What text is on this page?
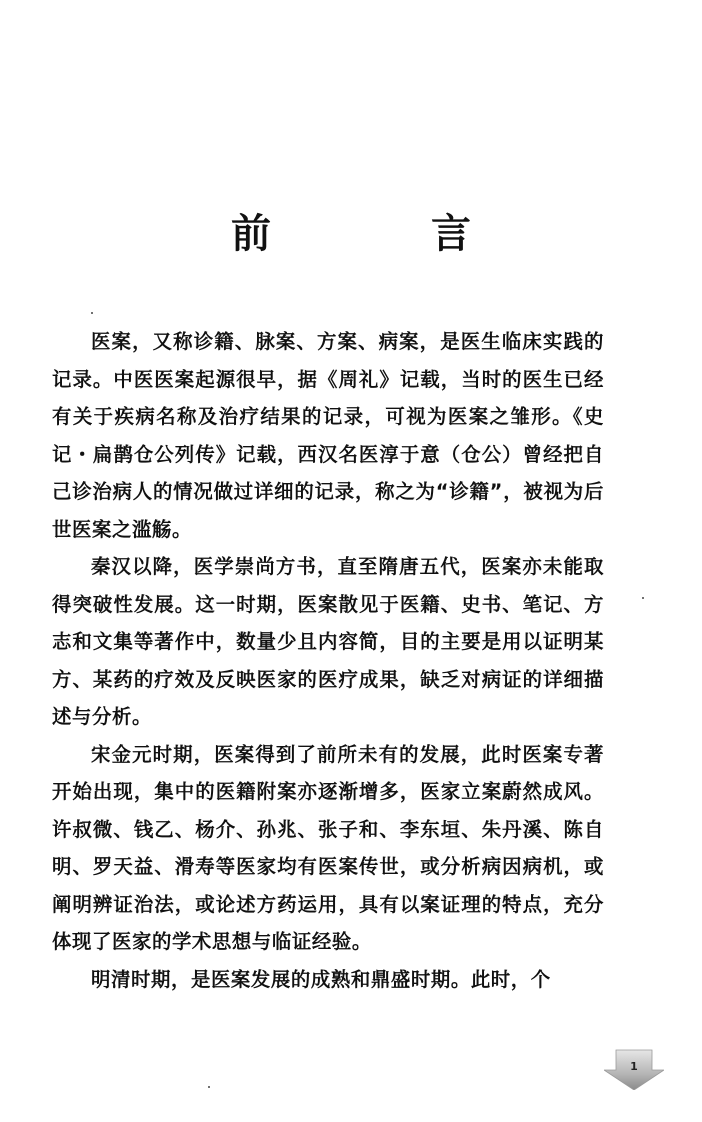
前　言

医案，又称诊籍、脉案、方案、病案，是医生临床实践的记录。中医医案起源很早，据《周礼》记载，当时的医生已经有关于疾病名称及治疗结果的记录，可视为医案之雏形。《史记・扁鹊仓公列传》记载，西汉名医淳于意（仓公）曾经把自己诊治病人的情况做过详细的记录，称之为“诊籍”，被视为后世医案之滥觞。

秦汉以降，医学崇尚方书，直至隋唐五代，医案亦未能取得突破性发展。这一时期，医案散见于医籍、史书、笔记、方志和文集等著作中，数量少且内容简，目的主要是用以证明某方、某药的疗效及反映医家的医疗成果，缺乏对病证的详细描述与分析。

宋金元时期，医案得到了前所未有的发展，此时医案专著开始出现，集中的医籍附案亦逐渐增多，医家立案蔚然成风。许叔微、钱乙、杨介、孙兆、张子和、李东垣、朱丹溪、陈自明、罗天益、滑寿等医家均有医案传世，或分析病因病机，或阐明辨证治法，或论述方药运用，具有以案证理的特点，充分体现了医家的学术思想与临证经验。

明清时期，是医案发展的成熟和鼎盛时期。此时，个

1
